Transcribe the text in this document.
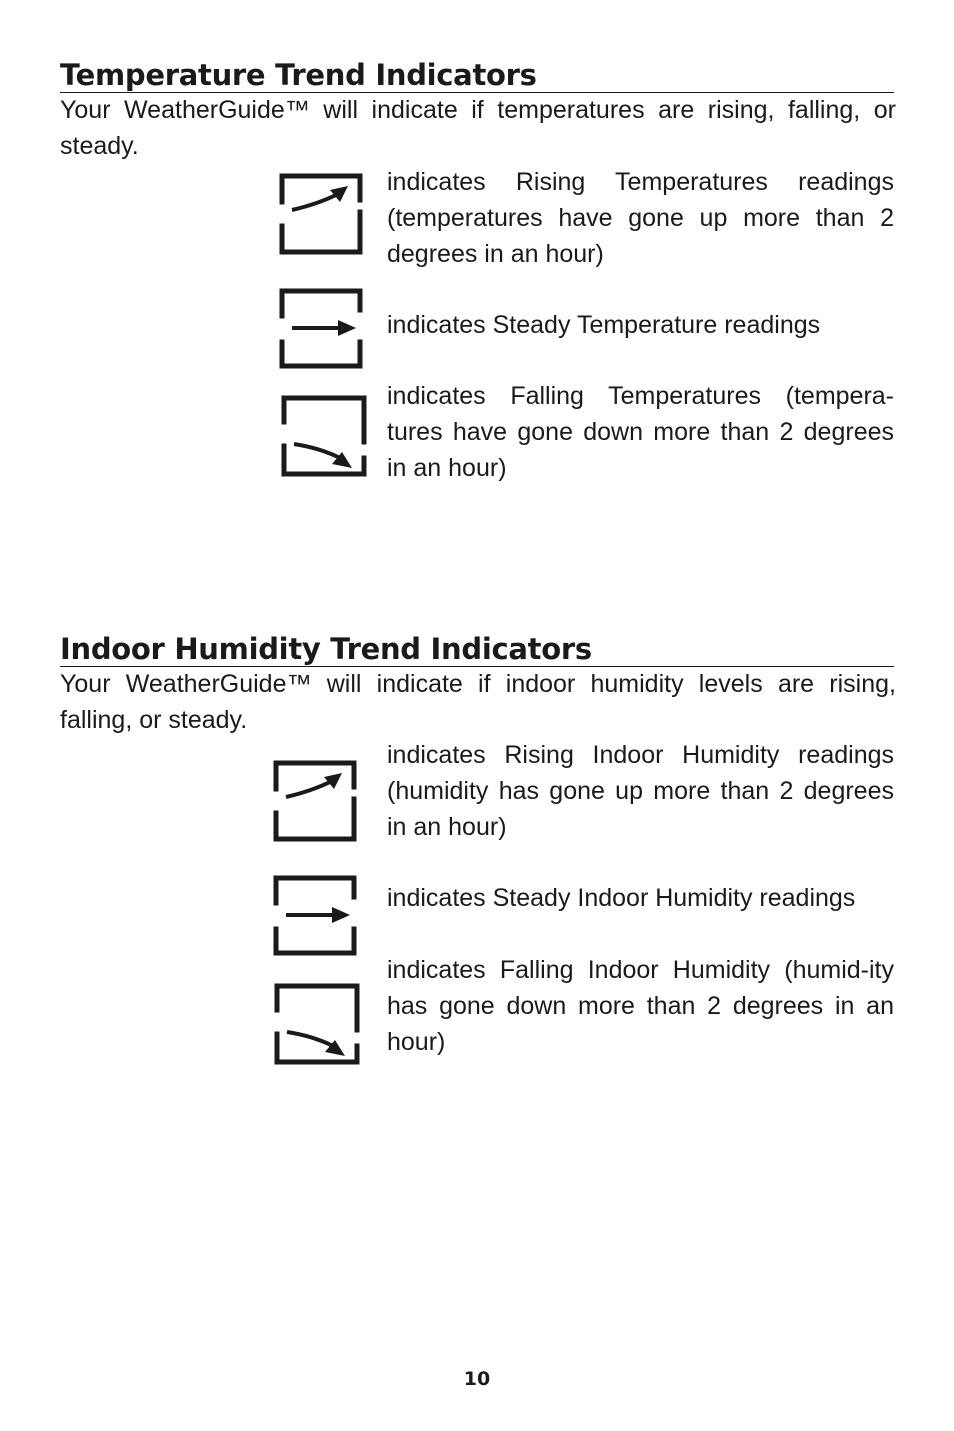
Temperature Trend Indicators

Your WeatherGuide™ will indicate if temperatures are rising, falling, or steady.

indicates Rising Temperatures readings (temperatures have gone up more than 2 degrees in an hour)

indicates Steady Temperature readings

indicates Falling Temperatures (tempera-tures have gone down more than 2 degrees in an hour)

Indoor Humidity Trend Indicators

Your WeatherGuide™ will indicate if indoor humidity levels are rising, falling, or steady.

indicates Rising Indoor Humidity readings (humidity has gone up more than 2 degrees in an hour)

indicates Steady Indoor Humidity readings

indicates Falling Indoor Humidity (humid-ity has gone down more than 2 degrees in an hour)

10
